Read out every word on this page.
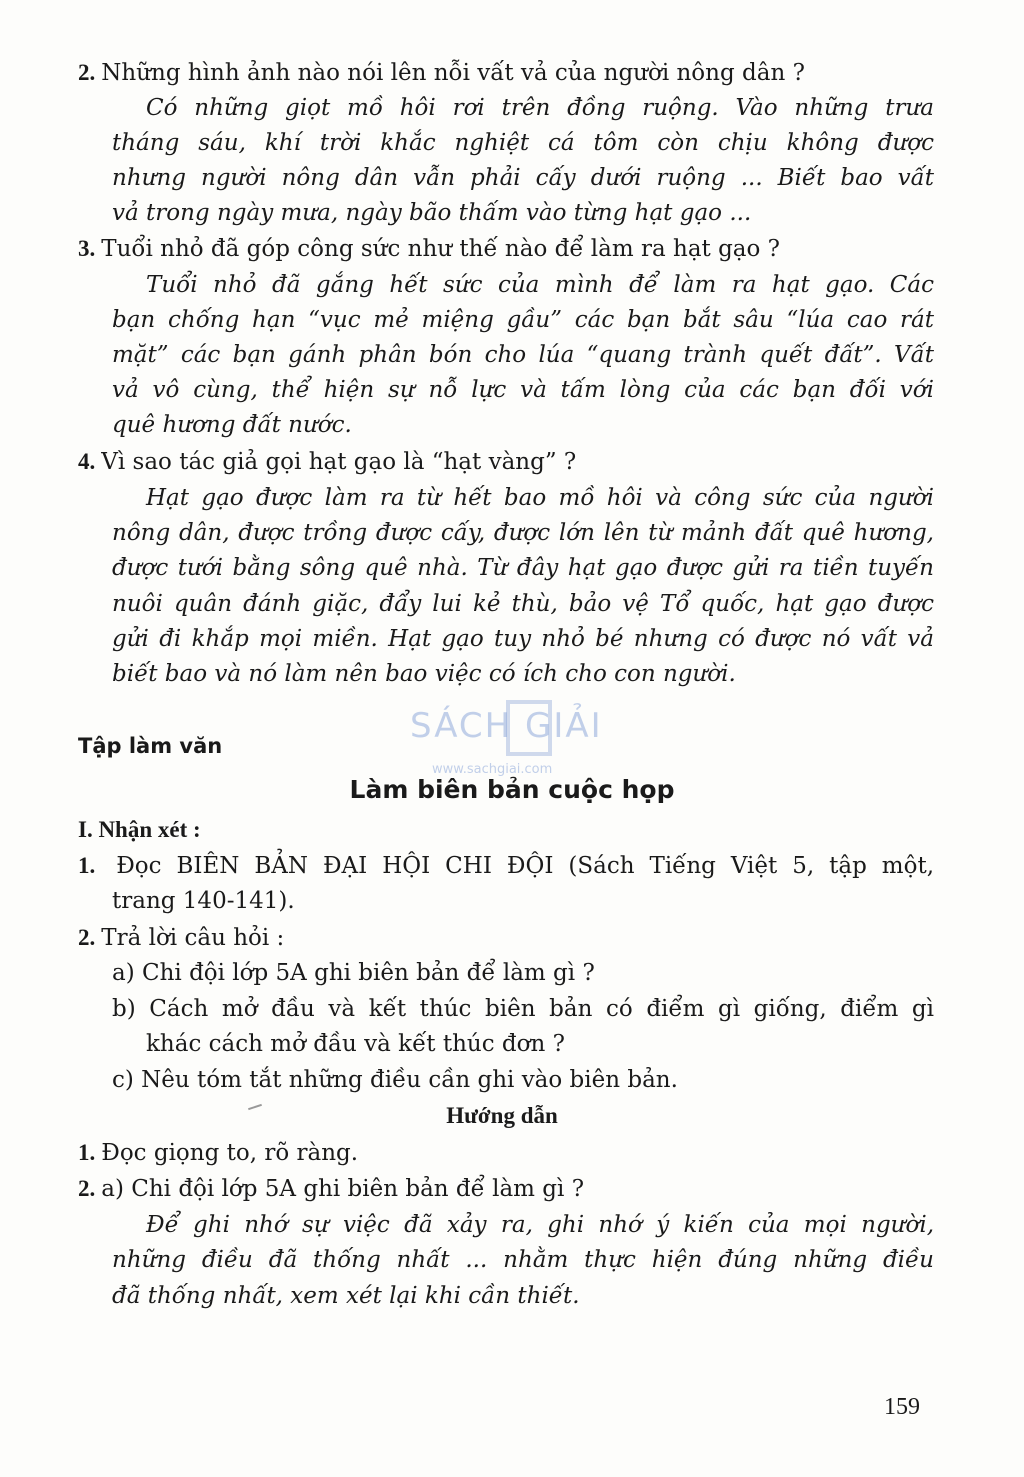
2. Những hình ảnh nào nói lên nỗi vất vả của người nông dân ?
Có những giọt mồ hôi rơi trên đồng ruộng. Vào những trưa
tháng sáu, khí trời khắc nghiệt cá tôm còn chịu không được
nhưng người nông dân vẫn phải cấy dưới ruộng ... Biết bao vất
vả trong ngày mưa, ngày bão thấm vào từng hạt gạo ...
3. Tuổi nhỏ đã góp công sức như thế nào để làm ra hạt gạo ?
Tuổi nhỏ đã gắng hết sức của mình để làm ra hạt gạo. Các
bạn chống hạn “vục mẻ miệng gầu” các bạn bắt sâu “lúa cao rát
mặt” các bạn gánh phân bón cho lúa “quang trành quết đất”. Vất
vả vô cùng, thể hiện sự nỗ lực và tấm lòng của các bạn đối với
quê hương đất nước.
4. Vì sao tác giả gọi hạt gạo là “hạt vàng” ?
Hạt gạo được làm ra từ hết bao mồ hôi và công sức của người
nông dân, được trồng được cấy, được lớn lên từ mảnh đất quê hương,
được tưới bằng sông quê nhà. Từ đây hạt gạo được gửi ra tiền tuyến
nuôi quân đánh giặc, đẩy lui kẻ thù, bảo vệ Tổ quốc, hạt gạo được
gửi đi khắp mọi miền. Hạt gạo tuy nhỏ bé nhưng có được nó vất vả
biết bao và nó làm nên bao việc có ích cho con người.
SÁCH GIẢI
www.sachgiai.com
Tập làm văn
Làm biên bản cuộc họp
I. Nhận xét :
1. Đọc BIÊN BẢN ĐẠI HỘI CHI ĐỘI (Sách Tiếng Việt 5, tập một,
trang 140-141).
2. Trả lời câu hỏi :
a) Chi đội lớp 5A ghi biên bản để làm gì ?
b) Cách mở đầu và kết thúc biên bản có điểm gì giống, điểm gì
khác cách mở đầu và kết thúc đơn ?
c) Nêu tóm tắt những điều cần ghi vào biên bản.
Hướng dẫn
1. Đọc giọng to, rõ ràng.
2. a) Chi đội lớp 5A ghi biên bản để làm gì ?
Để ghi nhớ sự việc đã xảy ra, ghi nhớ ý kiến của mọi người,
những điều đã thống nhất ... nhằm thực hiện đúng những điều
đã thống nhất, xem xét lại khi cần thiết.
159
